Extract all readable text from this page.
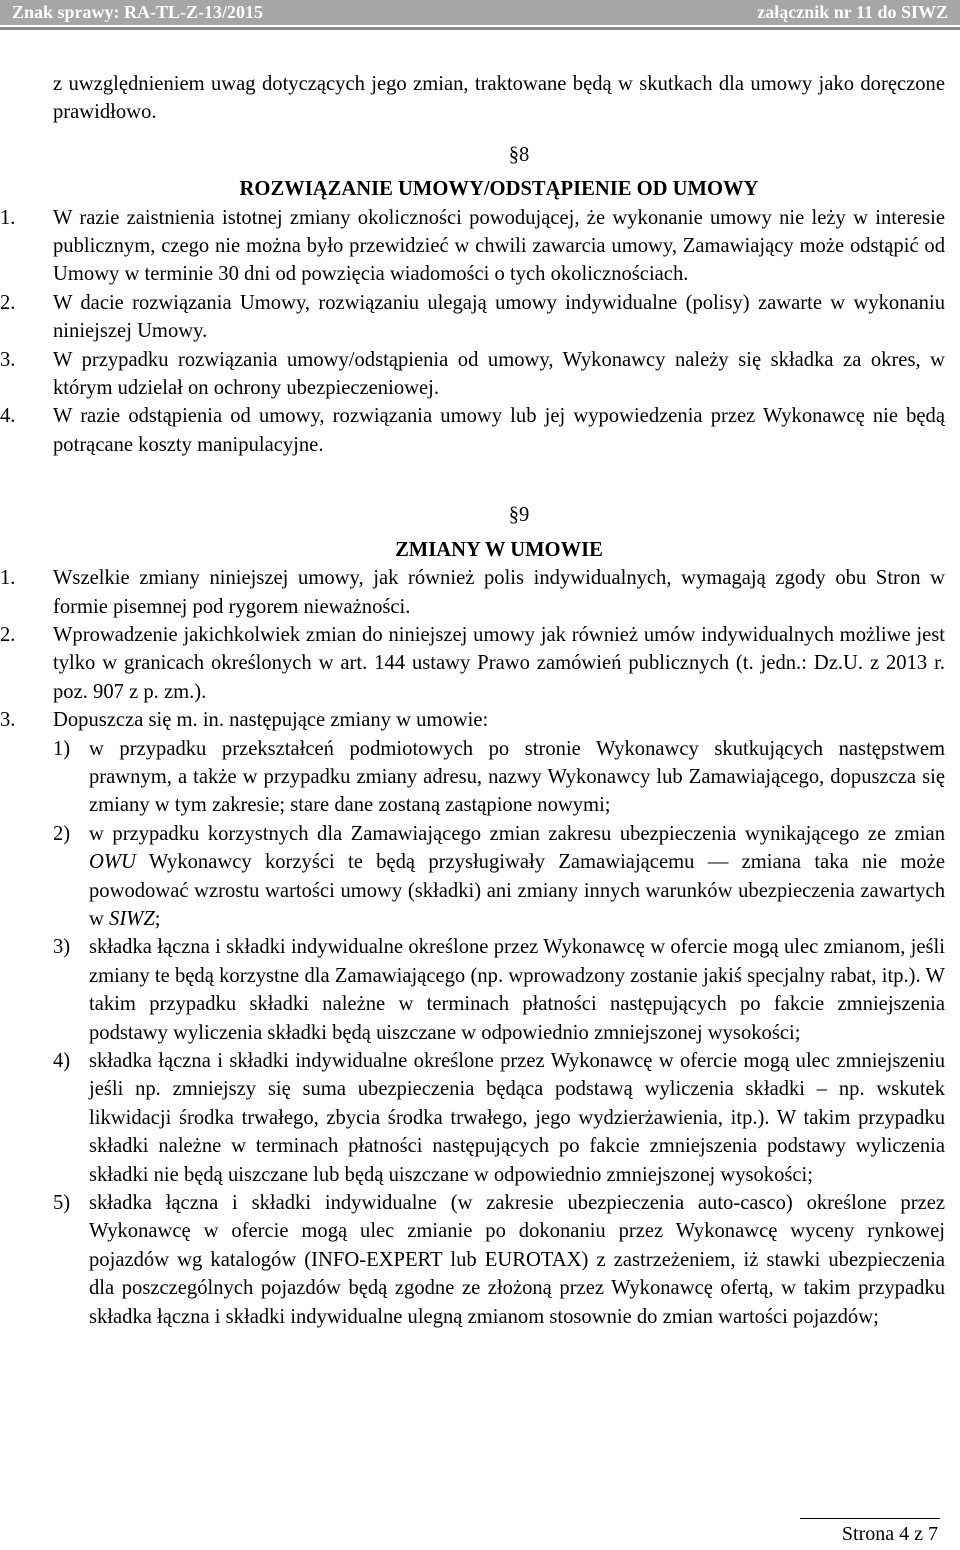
Znak sprawy: RA-TL-Z-13/2015	załącznik nr 11 do SIWZ

z uwzględnieniem uwag dotyczących jego zmian, traktowane będą w skutkach dla umowy jako doręczone prawidłowo.

§8
ROZWIĄZANIE UMOWY/ODSTĄPIENIE OD UMOWY
1.	W razie zaistnienia istotnej zmiany okoliczności powodującej, że wykonanie umowy nie leży w interesie publicznym, czego nie można było przewidzieć w chwili zawarcia umowy, Zamawiający może odstąpić od Umowy w terminie 30 dni od powzięcia wiadomości o tych okolicznościach.
2.	W dacie rozwiązania Umowy, rozwiązaniu ulegają umowy indywidualne (polisy) zawarte w wykonaniu niniejszej Umowy.
3.	W przypadku rozwiązania umowy/odstąpienia od umowy, Wykonawcy należy się składka za okres, w którym udzielał on ochrony ubezpieczeniowej.
4.	W razie odstąpienia od umowy, rozwiązania umowy lub jej wypowiedzenia przez Wykonawcę nie będą potrącane koszty manipulacyjne.
§9
ZMIANY W UMOWIE
1.	Wszelkie zmiany niniejszej umowy, jak również polis indywidualnych, wymagają zgody obu Stron w formie pisemnej pod rygorem nieważności.
2.	Wprowadzenie jakichkolwiek zmian do niniejszej umowy jak również umów indywidualnych możliwe jest tylko w granicach określonych w art. 144 ustawy Prawo zamówień publicznych (t. jedn.: Dz.U. z 2013 r. poz. 907 z p. zm.).
3.	Dopuszcza się m. in. następujące zmiany w umowie:
1) w przypadku przekształceń podmiotowych po stronie Wykonawcy skutkujących następstwem prawnym, a także w przypadku zmiany adresu, nazwy Wykonawcy lub Zamawiającego, dopuszcza się zmiany w tym zakresie; stare dane zostaną zastąpione nowymi;
2) w przypadku korzystnych dla Zamawiającego zmian zakresu ubezpieczenia wynikającego ze zmian OWU Wykonawcy korzyści te będą przysługiwały Zamawiającemu — zmiana taka nie może powodować wzrostu wartości umowy (składki) ani zmiany innych warunków ubezpieczenia zawartych w SIWZ;
3) składka łączna i składki indywidualne określone przez Wykonawcę w ofercie mogą ulec zmianom, jeśli zmiany te będą korzystne dla Zamawiającego (np. wprowadzony zostanie jakiś specjalny rabat, itp.). W takim przypadku składki należne w terminach płatności następujących po fakcie zmniejszenia podstawy wyliczenia składki będą uiszczane w odpowiednio zmniejszonej wysokości;
4) składka łączna i składki indywidualne określone przez Wykonawcę w ofercie mogą ulec zmniejszeniu jeśli np. zmniejszy się suma ubezpieczenia będąca podstawą wyliczenia składki – np. wskutek likwidacji środka trwałego, zbycia środka trwałego, jego wydzierżawienia, itp.). W takim przypadku składki należne w terminach płatności następujących po fakcie zmniejszenia podstawy wyliczenia składki nie będą uiszczane lub będą uiszczane w odpowiednio zmniejszonej wysokości;
5) składka łączna i składki indywidualne (w zakresie ubezpieczenia auto-casco) określone przez Wykonawcę w ofercie mogą ulec zmianie po dokonaniu przez Wykonawcę wyceny rynkowej pojazdów wg katalogów (INFO-EXPERT lub EUROTAX) z zastrzeżeniem, iż stawki ubezpieczenia dla poszczególnych pojazdów będą zgodne ze złożoną przez Wykonawcę ofertą, w takim przypadku składka łączna i składki indywidualne ulegną zmianom stosownie do zmian wartości pojazdów;
Strona 4 z 7
